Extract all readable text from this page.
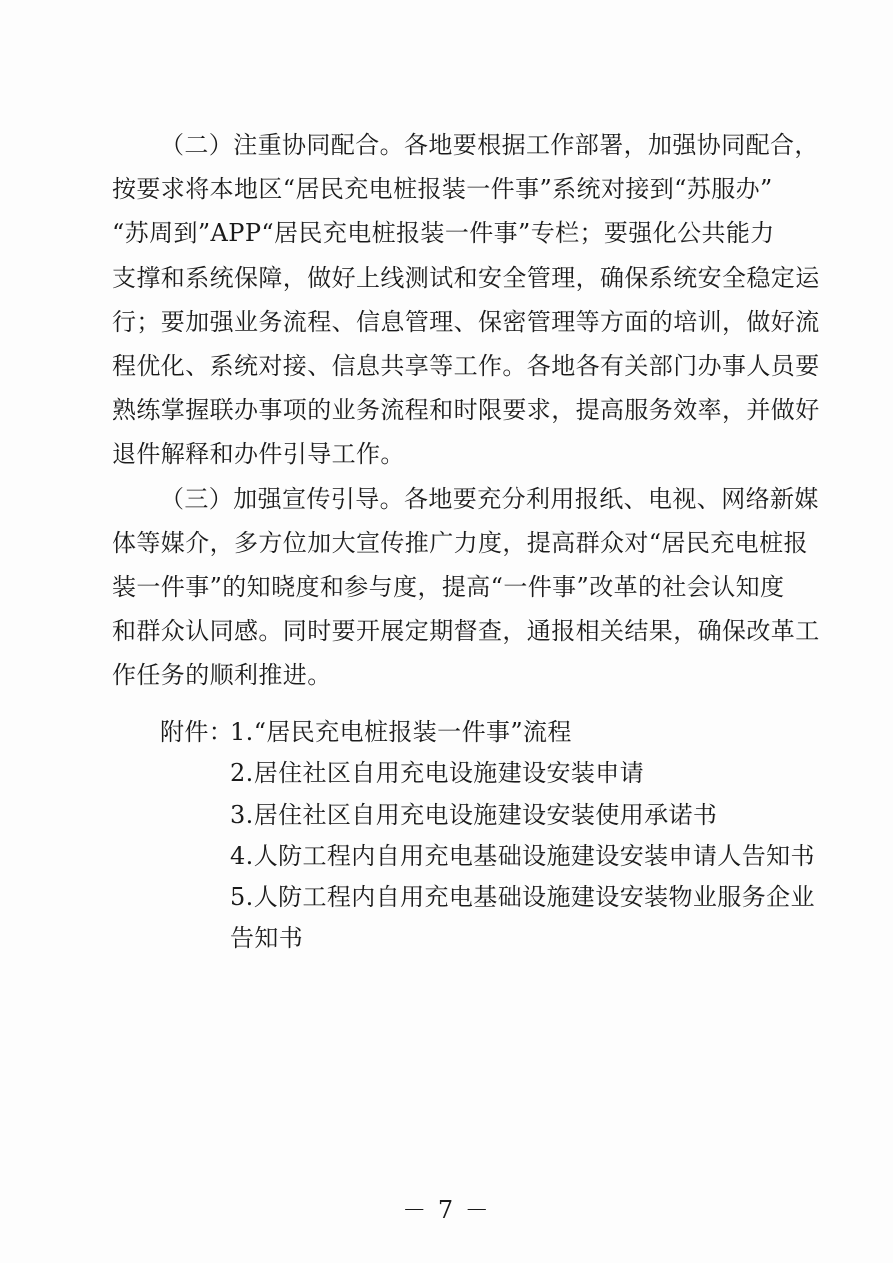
（二）注重协同配合。各地要根据工作部署，加强协同配合，
按要求将本地区“居民充电桩报装一件事”系统对接到“苏服办”
“苏周到”APP“居民充电桩报装一件事”专栏；要强化公共能力
支撑和系统保障，做好上线测试和安全管理，确保系统安全稳定运
行；要加强业务流程、信息管理、保密管理等方面的培训，做好流
程优化、系统对接、信息共享等工作。各地各有关部门办事人员要
熟练掌握联办事项的业务流程和时限要求，提高服务效率，并做好
退件解释和办件引导工作。
（三）加强宣传引导。各地要充分利用报纸、电视、网络新媒
体等媒介，多方位加大宣传推广力度，提高群众对“居民充电桩报
装一件事”的知晓度和参与度，提高“一件事”改革的社会认知度
和群众认同感。同时要开展定期督查，通报相关结果，确保改革工
作任务的顺利推进。
附件：
1.“居民充电桩报装一件事”流程
2.居住社区自用充电设施建设安装申请
3.居住社区自用充电设施建设安装使用承诺书
4.人防工程内自用充电基础设施建设安装申请人告知书
5.人防工程内自用充电基础设施建设安装物业服务企业
告知书
－ 7 －
